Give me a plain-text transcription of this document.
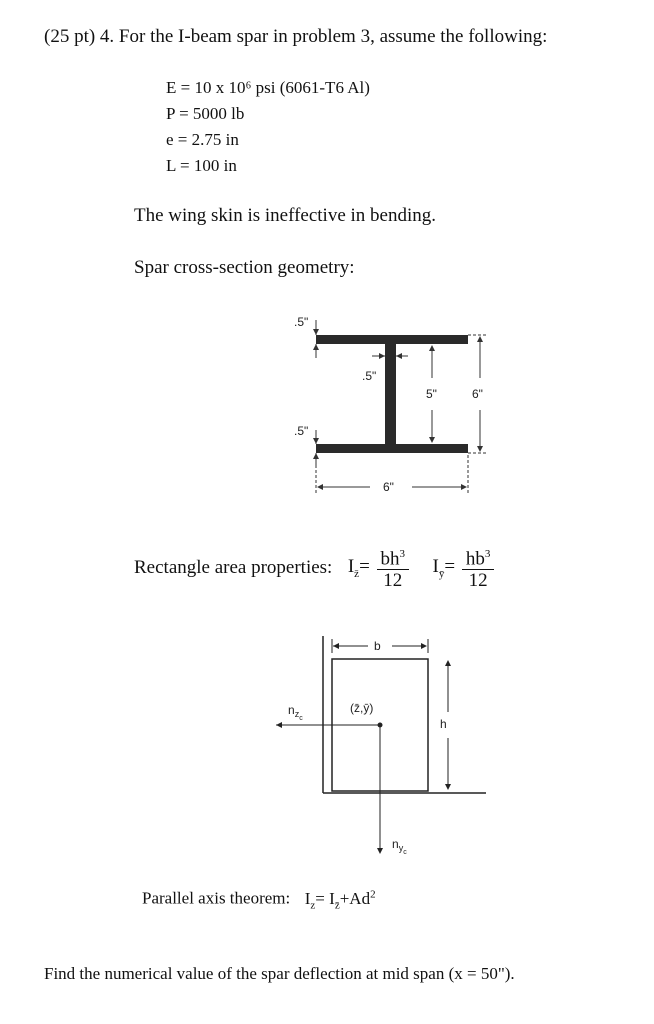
(25 pt) 4. For the I-beam spar in problem 3, assume the following:
E = 10 x 10⁶ psi (6061-T6 Al)
P = 5000 lb
e = 2.75 in
L = 100 in
The wing skin is ineffective in bending.
Spar cross-section geometry:
.5"
.5"
5"	6"
.5"
6"
Rectangle area properties: $I_{z̄}= \frac{bh^3}{12} I_ȳ= \frac{hb^3}{12}$
b
h
(z̄,ȳ)
$n_{zc}$
$n_{yc}$
Parallel axis theorem: $I_z= I_{z̄}+Ad^2$
Find the numerical value of the spar deflection at mid span (x = 50").
